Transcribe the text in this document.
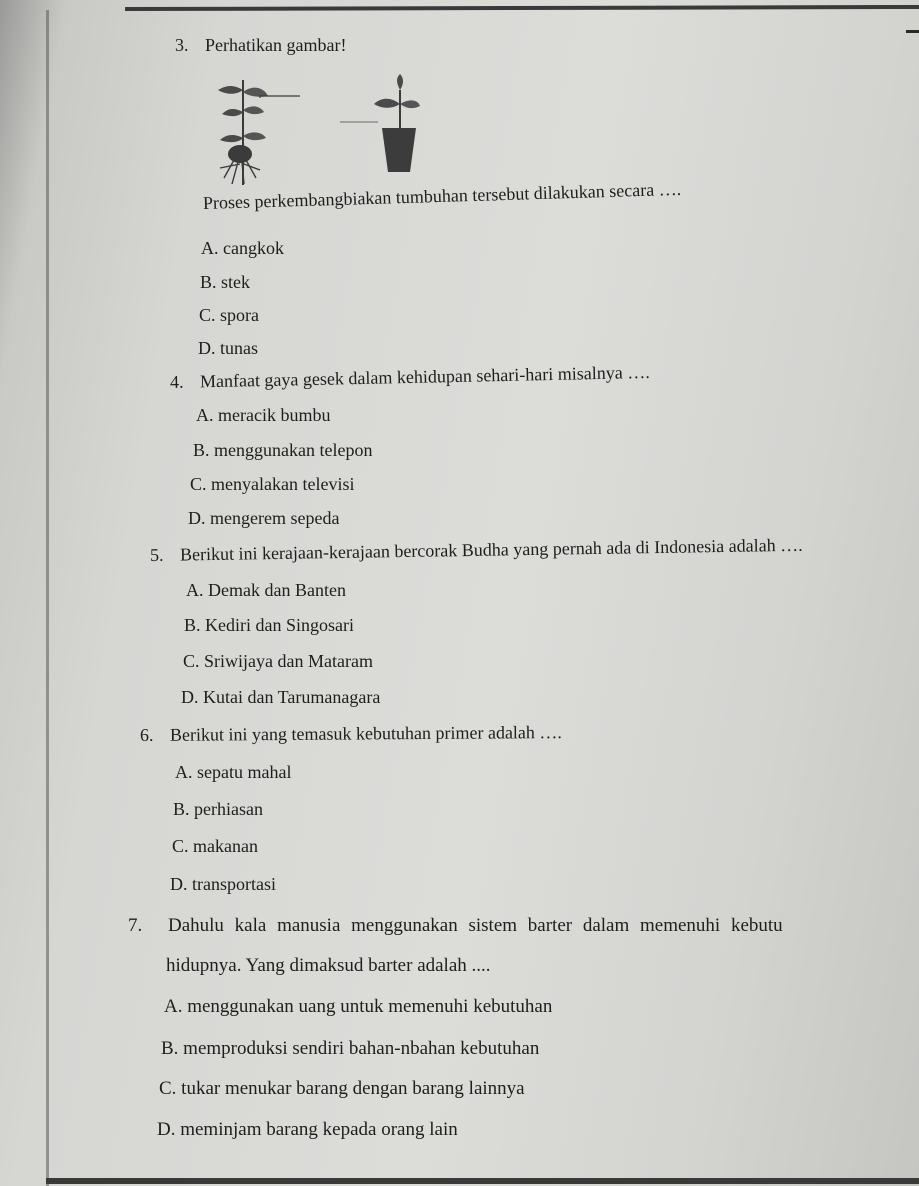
3. Perhatikan gambar!
Proses perkembangbiakan tumbuhan tersebut dilakukan secara ….
A. cangkok
B. stek
C. spora
D. tunas
4. Manfaat gaya gesek dalam kehidupan sehari-hari misalnya ….
A. meracik bumbu
B. menggunakan telepon
C. menyalakan televisi
D. mengerem sepeda
5. Berikut ini kerajaan-kerajaan bercorak Budha yang pernah ada di Indonesia adalah ….
A. Demak dan Banten
B. Kediri dan Singosari
C. Sriwijaya dan Mataram
D. Kutai dan Tarumanagara
6. Berikut ini yang temasuk kebutuhan primer adalah ….
A. sepatu mahal
B. perhiasan
C. makanan
D. transportasi
7. Dahulu kala manusia menggunakan sistem barter dalam memenuhi kebutu
hidupnya. Yang dimaksud barter adalah ....
A. menggunakan uang untuk memenuhi kebutuhan
B. memproduksi sendiri bahan-nbahan kebutuhan
C. tukar menukar barang dengan barang lainnya
D. meminjam barang kepada orang lain
